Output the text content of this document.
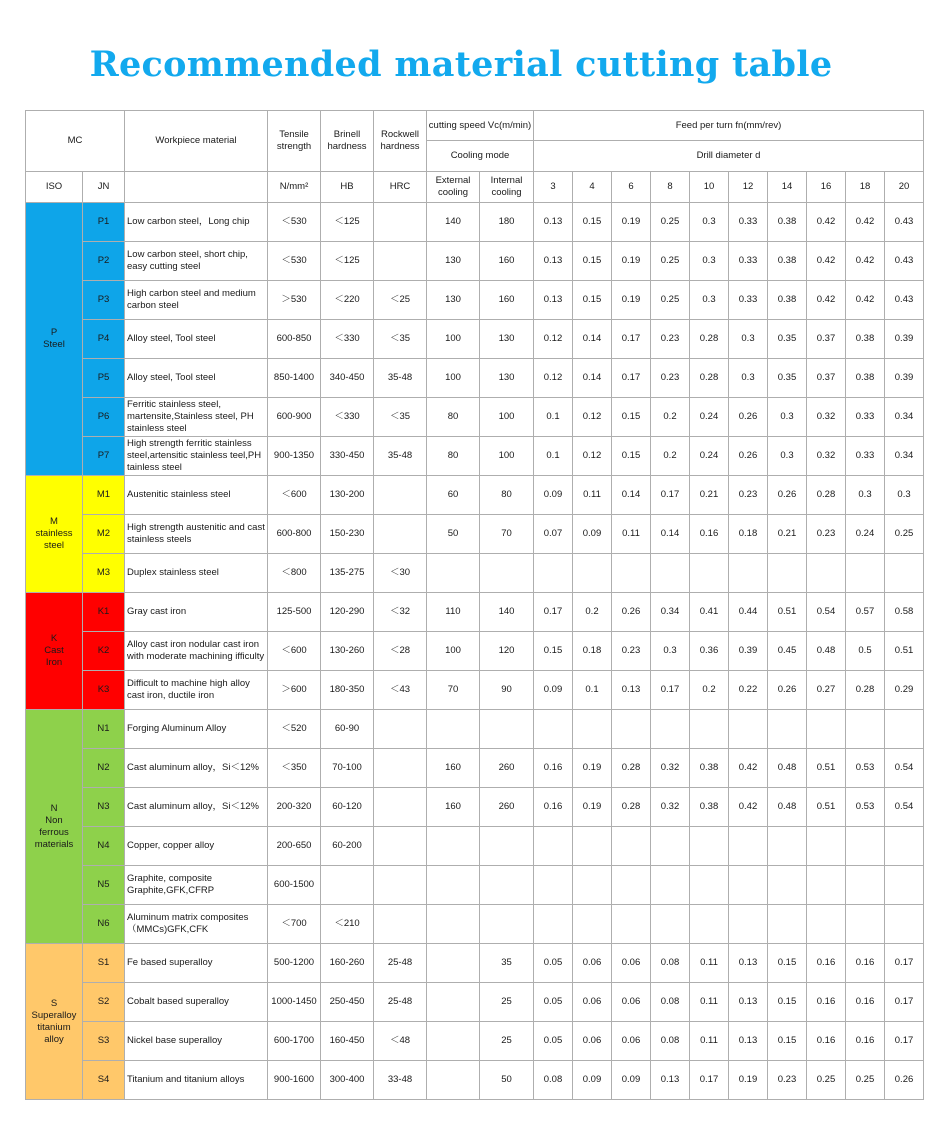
Recommended material cutting table
MC		Workpiece material	Tensile strength	Brinell hardness	Rockwell hardness	cutting speed Vc(m/min)		Feed per turn fn(mm/rev)									
						Cooling mode		Drill diameter d									
ISO	JN		N/mm²	HB	HRC	External cooling	Internal cooling	3	4	6	8	10	12	14	16	18	20

P
Steel	P1	Low carbon steel，Long chip	＜530	＜125		140	180	0.13	0.15	0.19	0.25	0.3	0.33	0.38	0.42	0.42	0.43
	P2	Low carbon steel, short chip, easy cutting steel	＜530	＜125		130	160	0.13	0.15	0.19	0.25	0.3	0.33	0.38	0.42	0.42	0.43
	P3	High carbon steel and medium carbon steel	＞530	＜220	＜25	130	160	0.13	0.15	0.19	0.25	0.3	0.33	0.38	0.42	0.42	0.43
	P4	Alloy steel, Tool steel	600-850	＜330	＜35	100	130	0.12	0.14	0.17	0.23	0.28	0.3	0.35	0.37	0.38	0.39
	P5	Alloy steel, Tool steel	850-1400	340-450	35-48	100	130	0.12	0.14	0.17	0.23	0.28	0.3	0.35	0.37	0.38	0.39
	P6	Ferritic stainless steel, martensite,Stainless steel, PH stainless steel	600-900	＜330	＜35	80	100	0.1	0.12	0.15	0.2	0.24	0.26	0.3	0.32	0.33	0.34
	P7	High strength ferritic stainless steel,artensitic stainless teel,PH tainless steel	900-1350	330-450	35-48	80	100	0.1	0.12	0.15	0.2	0.24	0.26	0.3	0.32	0.33	0.34

M
stainless
steel	M1	Austenitic stainless steel	＜600	130-200		60	80	0.09	0.11	0.14	0.17	0.21	0.23	0.26	0.28	0.3	0.3
	M2	High strength austenitic and cast stainless steels	600-800	150-230		50	70	0.07	0.09	0.11	0.14	0.16	0.18	0.21	0.23	0.24	0.25
	M3	Duplex stainless steel	＜800	135-275	＜30												

K
Cast
Iron	K1	Gray cast iron	125-500	120-290	＜32	110	140	0.17	0.2	0.26	0.34	0.41	0.44	0.51	0.54	0.57	0.58
	K2	Alloy cast iron nodular cast iron with moderate machining ifficulty	＜600	130-260	＜28	100	120	0.15	0.18	0.23	0.3	0.36	0.39	0.45	0.48	0.5	0.51
	K3	Difficult to machine high alloy cast iron, ductile iron	＞600	180-350	＜43	70	90	0.09	0.1	0.13	0.17	0.2	0.22	0.26	0.27	0.28	0.29

N
Non
ferrous
materials	N1	Forging Aluminum Alloy	＜520	60-90													
	N2	Cast aluminum alloy，Si＜12%	＜350	70-100		160	260	0.16	0.19	0.28	0.32	0.38	0.42	0.48	0.51	0.53	0.54
	N3	Cast aluminum alloy，Si＜12%	200-320	60-120		160	260	0.16	0.19	0.28	0.32	0.38	0.42	0.48	0.51	0.53	0.54
	N4	Copper, copper alloy	200-650	60-200													
	N5	Graphite, composite Graphite,GFK,CFRP	600-1500														
	N6	Aluminum matrix composites （MMCs)GFK,CFK	＜700	＜210													

S
Superalloy
titanium
alloy	S1	Fe based superalloy	500-1200	160-260	25-48		35	0.05	0.06	0.06	0.08	0.11	0.13	0.15	0.16	0.16	0.17
	S2	Cobalt based superalloy	1000-1450	250-450	25-48		25	0.05	0.06	0.06	0.08	0.11	0.13	0.15	0.16	0.16	0.17
	S3	Nickel base superalloy	600-1700	160-450	＜48		25	0.05	0.06	0.06	0.08	0.11	0.13	0.15	0.16	0.16	0.17
	S4	Titanium and titanium alloys	900-1600	300-400	33-48		50	0.08	0.09	0.09	0.13	0.17	0.19	0.23	0.25	0.25	0.26
